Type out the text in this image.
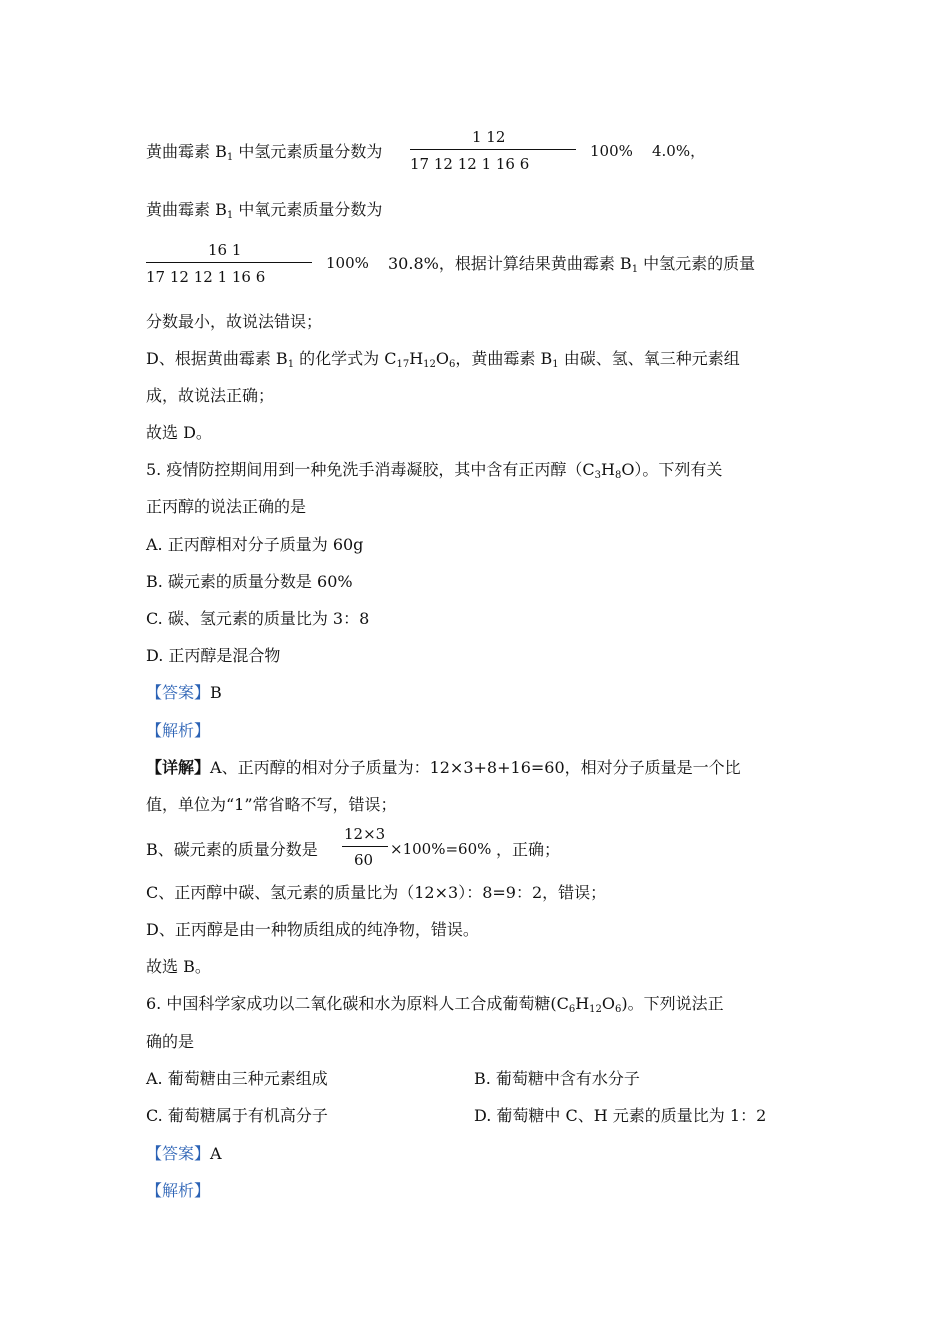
黄曲霉素 $B_1$ 中氢元素质量分数为
1 12
17 12 12 1 16 6
100% 4.0%，
黄曲霉素 $B_1$ 中氧元素质量分数为
16 1
17 12 12 1 16 6
100% 30.8%，根据计算结果黄曲霉素 $B_1$ 中氢元素的质量
分数最小，故说法错误；
D、根据黄曲霉素 $B_1$ 的化学式为 $C_{17}H_{12}O_6$，黄曲霉素 $B_1$ 由碳、氢、氧三种元素组
成，故说法正确；
故选 D。
5. 疫情防控期间用到一种免洗手消毒凝胶，其中含有正丙醇$(C_3H_8O)$。下列有关
正丙醇的说法正确的是
A. 正丙醇相对分子质量为 60g
B. 碳元素的质量分数是 60%
C. 碳、氢元素的质量比为 3：8
D. 正丙醇是混合物
【答案】B
【解析】
【详解】A、正丙醇的相对分子质量为：12×3+8+16=60，相对分子质量是一个比
值，单位为“1”常省略不写，错误；
B、碳元素的质量分数是
12×3
60
×100%=60% ，正确；
C、正丙醇中碳、氢元素的质量比为（12×3）：8=9：2，错误；
D、正丙醇是由一种物质组成的纯净物，错误。
故选 B。
6. 中国科学家成功以二氧化碳和水为原料人工合成葡萄糖$(C_6H_{12}O_6)$。下列说法正
确的是
A. 葡萄糖由三种元素组成	B. 葡萄糖中含有水分子
C. 葡萄糖属于有机高分子	D. 葡萄糖中 C、H 元素的质量比为 1：2
【答案】A
【解析】
